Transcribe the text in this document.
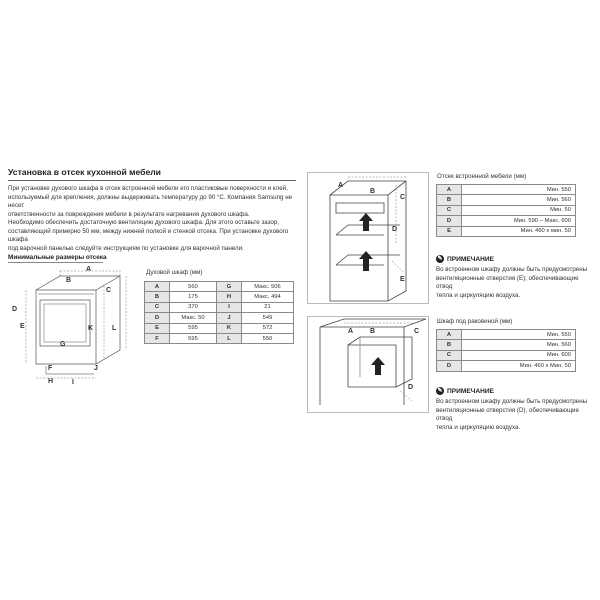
Установка в отсек кухонной мебели
При установке духового шкафа в отсек встроенной мебели его пластиковые поверхности и клей,
используемый для крепления, должны выдерживать температуру до 90 °C. Компания Samsung не несет
ответственности за повреждения мебели в результате нагревания духового шкафа.
Необходимо обеспечить достаточную вентиляцию духового шкафа. Для этого оставьте зазор,
составляющий примерно 50 мм, между нижней полкой и стенкой отсека. При установке духового шкафа
под варочной панелью следуйте инструкциям по установке для варочной панели.
Минимальные размеры отсека
A
B
C
D
E
F
G
H	I
J
K	L
Духовой шкаф (мм)
A	560	G	Макс. 506
B	175	H	Макс. 494
C	370	I	21
D	Макс. 50	J	549
E	595	K	572
F	595	L	550
A
B
C
D
E
Отсек встроенной мебели (мм)
A	Мин. 550
B	Мин. 560
C	Мин. 50
D	Мин. 590 – Макс. 600
E	Мин. 460 x мин. 50
✎ ПРИМЕЧАНИЕ
Во встроенном шкафу должны быть предусмотрены
вентиляционные отверстия (E); обеспечивающие отвод
тепла и циркуляцию воздуха.
A B	C
D
Шкаф под раковиной (мм)
A	Мин. 550
B	Мин. 560
C	Мин. 600
D	Мин. 460 x Мин. 50
✎ ПРИМЕЧАНИЕ
Во встроенном шкафу должны быть предусмотрены
вентиляционные отверстия (D), обеспечивающие отвод
тепла и циркуляцию воздуха.
